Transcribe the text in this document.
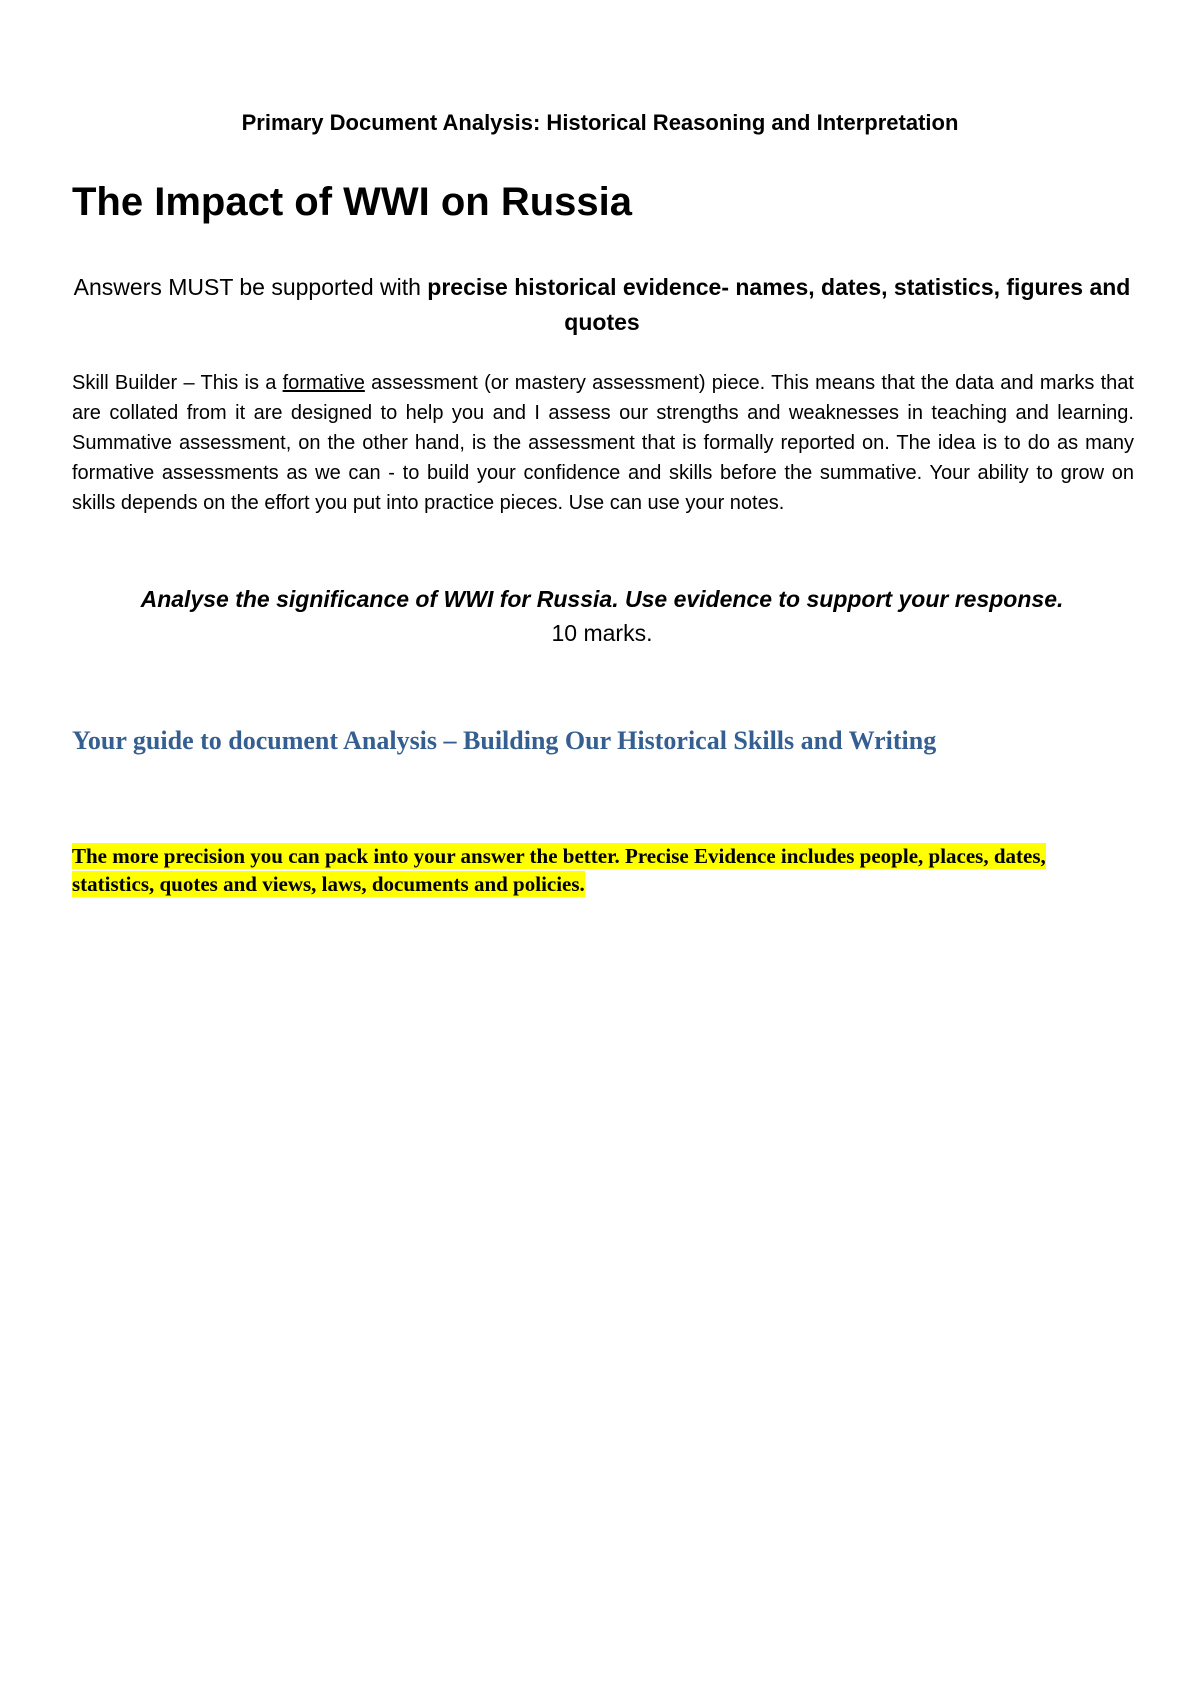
Primary Document Analysis: Historical Reasoning and Interpretation
The Impact of WWI on Russia
Answers MUST be supported with precise historical evidence- names, dates, statistics, figures and quotes

Skill Builder – This is a formative assessment (or mastery assessment) piece. This means that the data and marks that are collated from it are designed to help you and I assess our strengths and weaknesses in teaching and learning. Summative assessment, on the other hand, is the assessment that is formally reported on. The idea is to do as many formative assessments as we can - to build your confidence and skills before the summative. Your ability to grow on skills depends on the effort you put into practice pieces. Use can use your notes.

Analyse the significance of WWI for Russia. Use evidence to support your response.
10 marks.
Your guide to document Analysis – Building Our Historical Skills and Writing

The more precision you can pack into your answer the better. Precise Evidence includes people, places, dates, statistics, quotes and views, laws, documents and policies.
